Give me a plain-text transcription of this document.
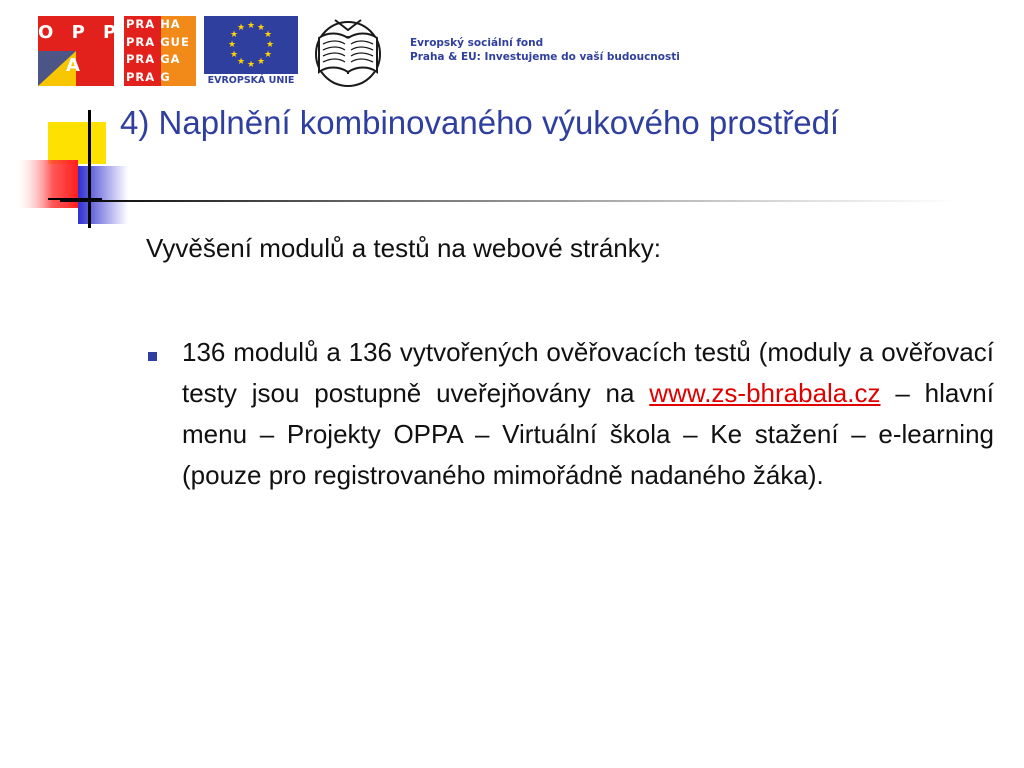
O P P
A
PRA HA
PRA GUE
PRA GA
PRA G
★ ★
★
★
★
★
★
★
★
★
★
★
EVROPSKÁ UNIE
Evropský sociální fond
Praha & EU: Investujeme do vaší budoucnosti
4) Naplnění kombinovaného výukového prostředí
Vyvěšení modulů a testů na webové stránky:
136 modulů a 136 vytvořených ověřovacích testů (moduly a ověřovací testy jsou postupně uveřejňovány na www.zs-bhrabala.cz – hlavní menu – Projekty OPPA – Virtuální škola – Ke stažení – e-learning (pouze pro registrovaného mimořádně nadaného žáka).
